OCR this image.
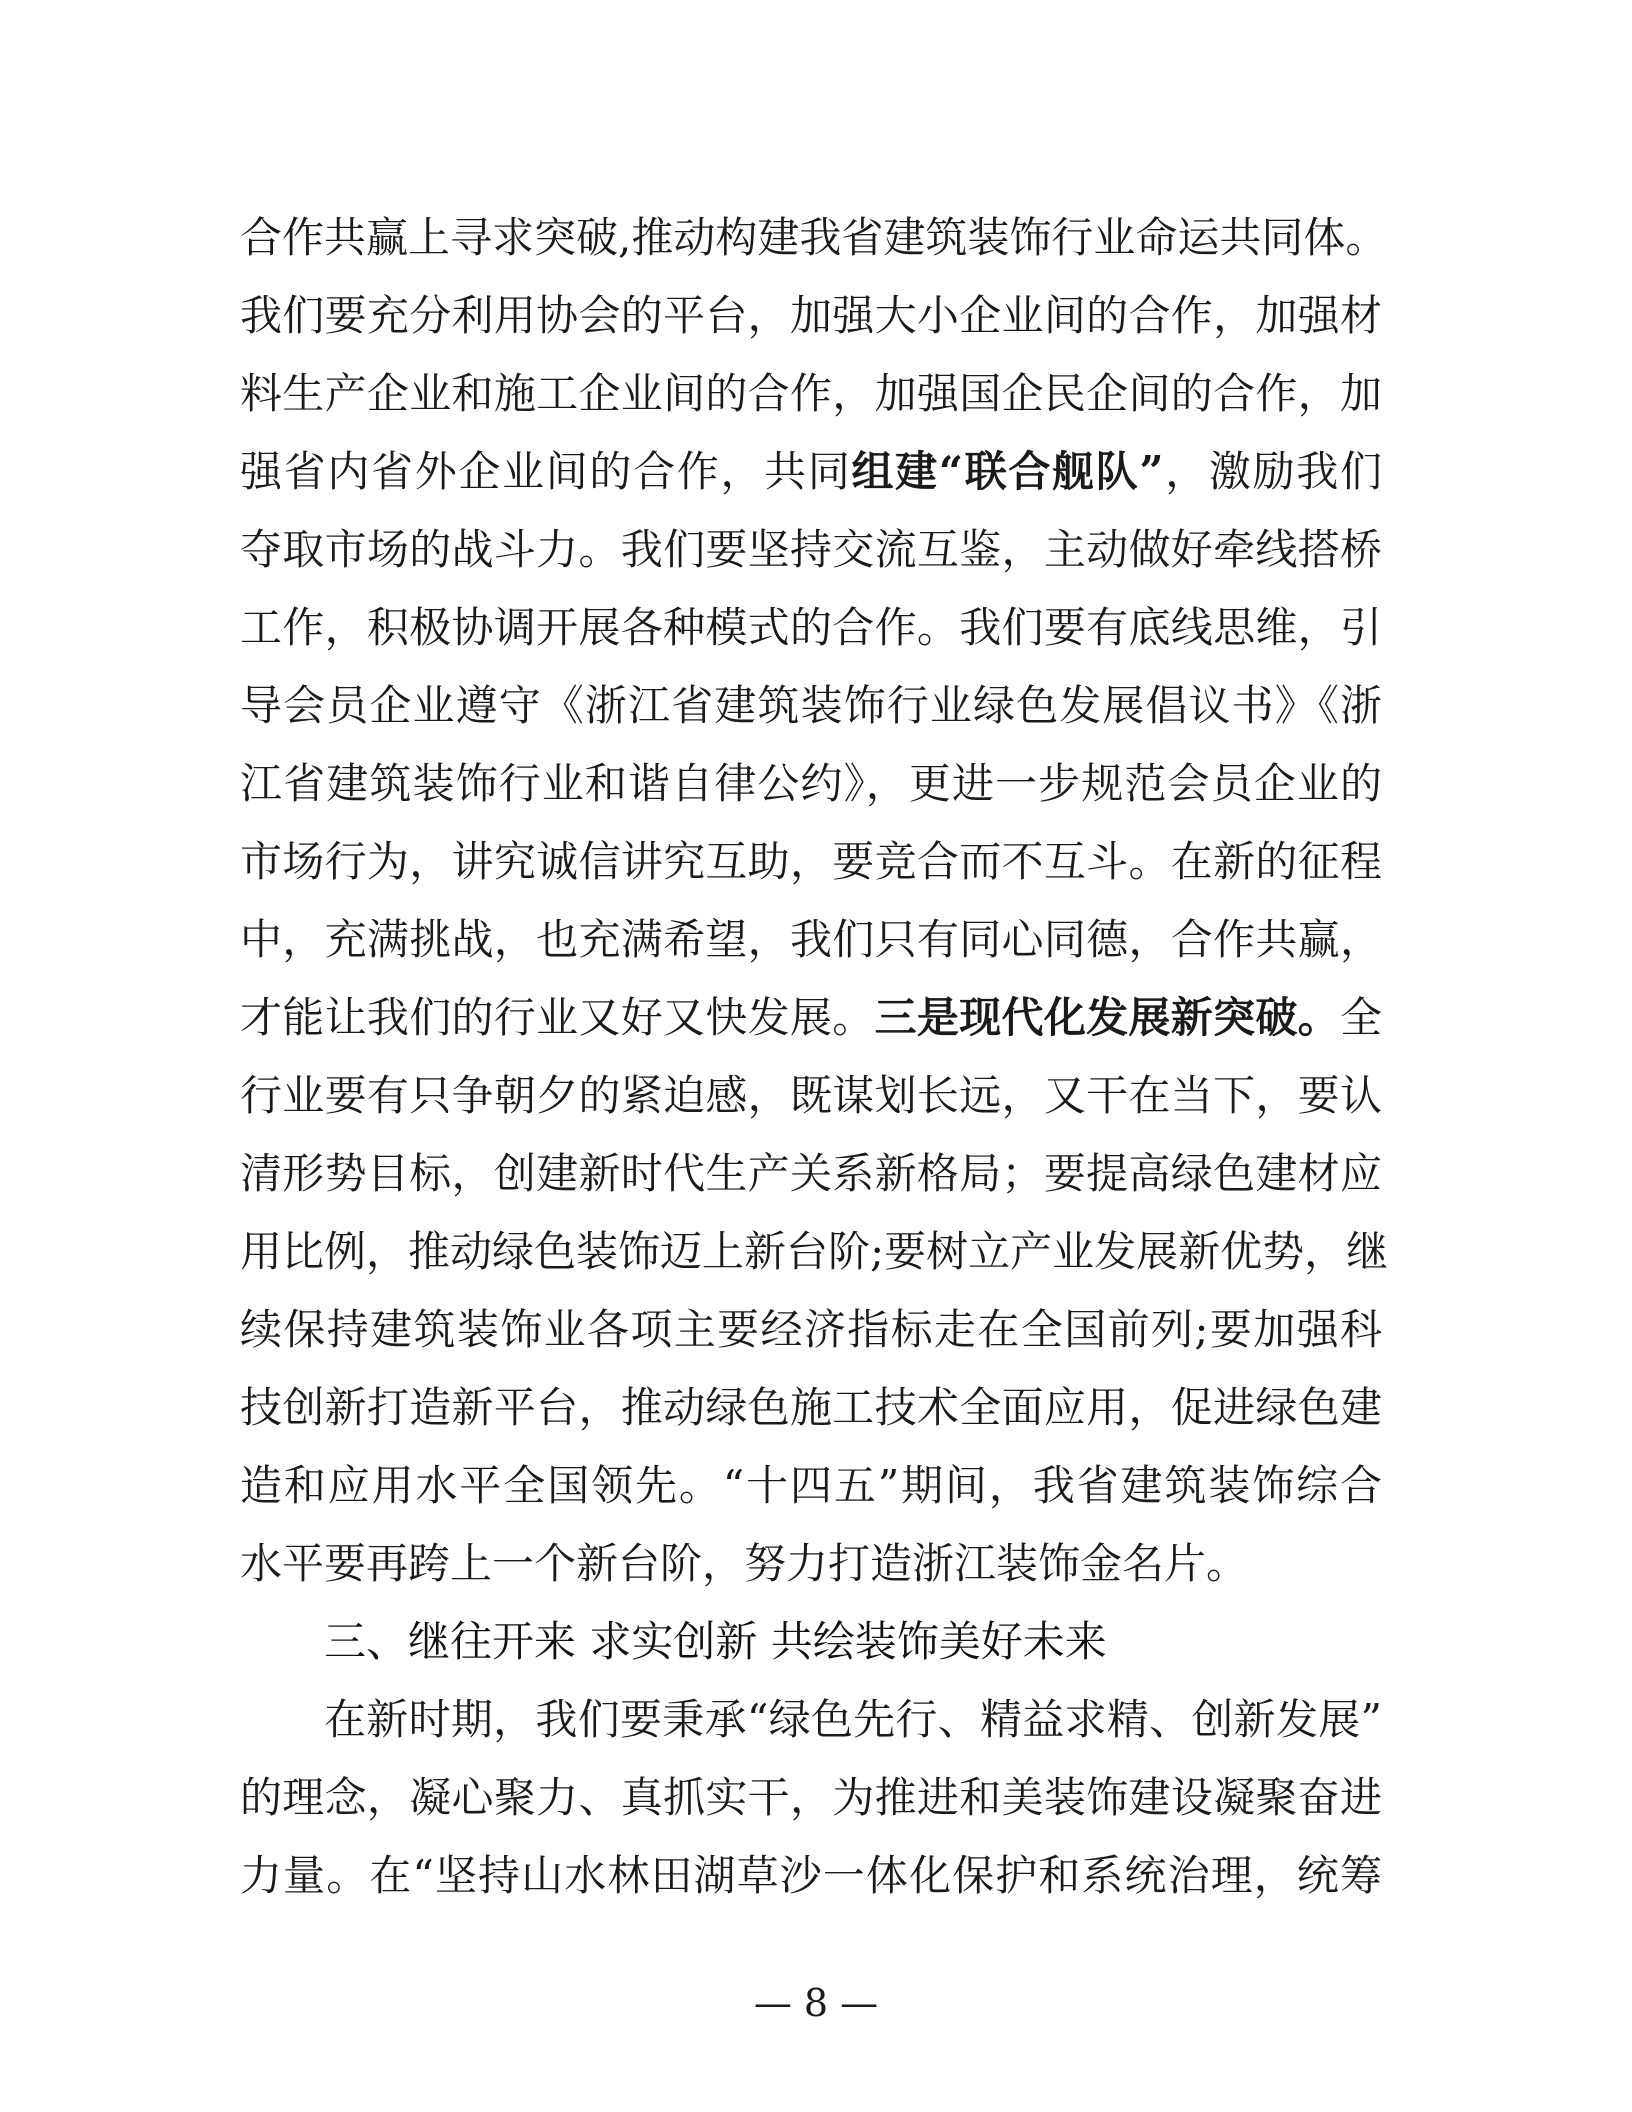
合作共赢上寻求突破,推动构建我省建筑装饰行业命运共同体。
我们要充分利用协会的平台，加强大小企业间的合作，加强材
料生产企业和施工企业间的合作，加强国企民企间的合作，加
强省内省外企业间的合作，共同组建“联合舰队”，激励我们
夺取市场的战斗力。我们要坚持交流互鉴，主动做好牵线搭桥
工作，积极协调开展各种模式的合作。我们要有底线思维，引
导会员企业遵守《浙江省建筑装饰行业绿色发展倡议书》《浙
江省建筑装饰行业和谐自律公约》，更进一步规范会员企业的
市场行为，讲究诚信讲究互助，要竞合而不互斗。在新的征程
中，充满挑战，也充满希望，我们只有同心同德，合作共赢，
才能让我们的行业又好又快发展。三是现代化发展新突破。全
行业要有只争朝夕的紧迫感，既谋划长远，又干在当下，要认
清形势目标，创建新时代生产关系新格局；要提高绿色建材应
用比例，推动绿色装饰迈上新台阶;要树立产业发展新优势，继
续保持建筑装饰业各项主要经济指标走在全国前列;要加强科
技创新打造新平台，推动绿色施工技术全面应用，促进绿色建
造和应用水平全国领先。“十四五”期间，我省建筑装饰综合
水平要再跨上一个新台阶，努力打造浙江装饰金名片。
三、继往开来 求实创新 共绘装饰美好未来
在新时期，我们要秉承“绿色先行、精益求精、创新发展”
的理念，凝心聚力、真抓实干，为推进和美装饰建设凝聚奋进
力量。在“坚持山水林田湖草沙一体化保护和系统治理，统筹
— 8 —
